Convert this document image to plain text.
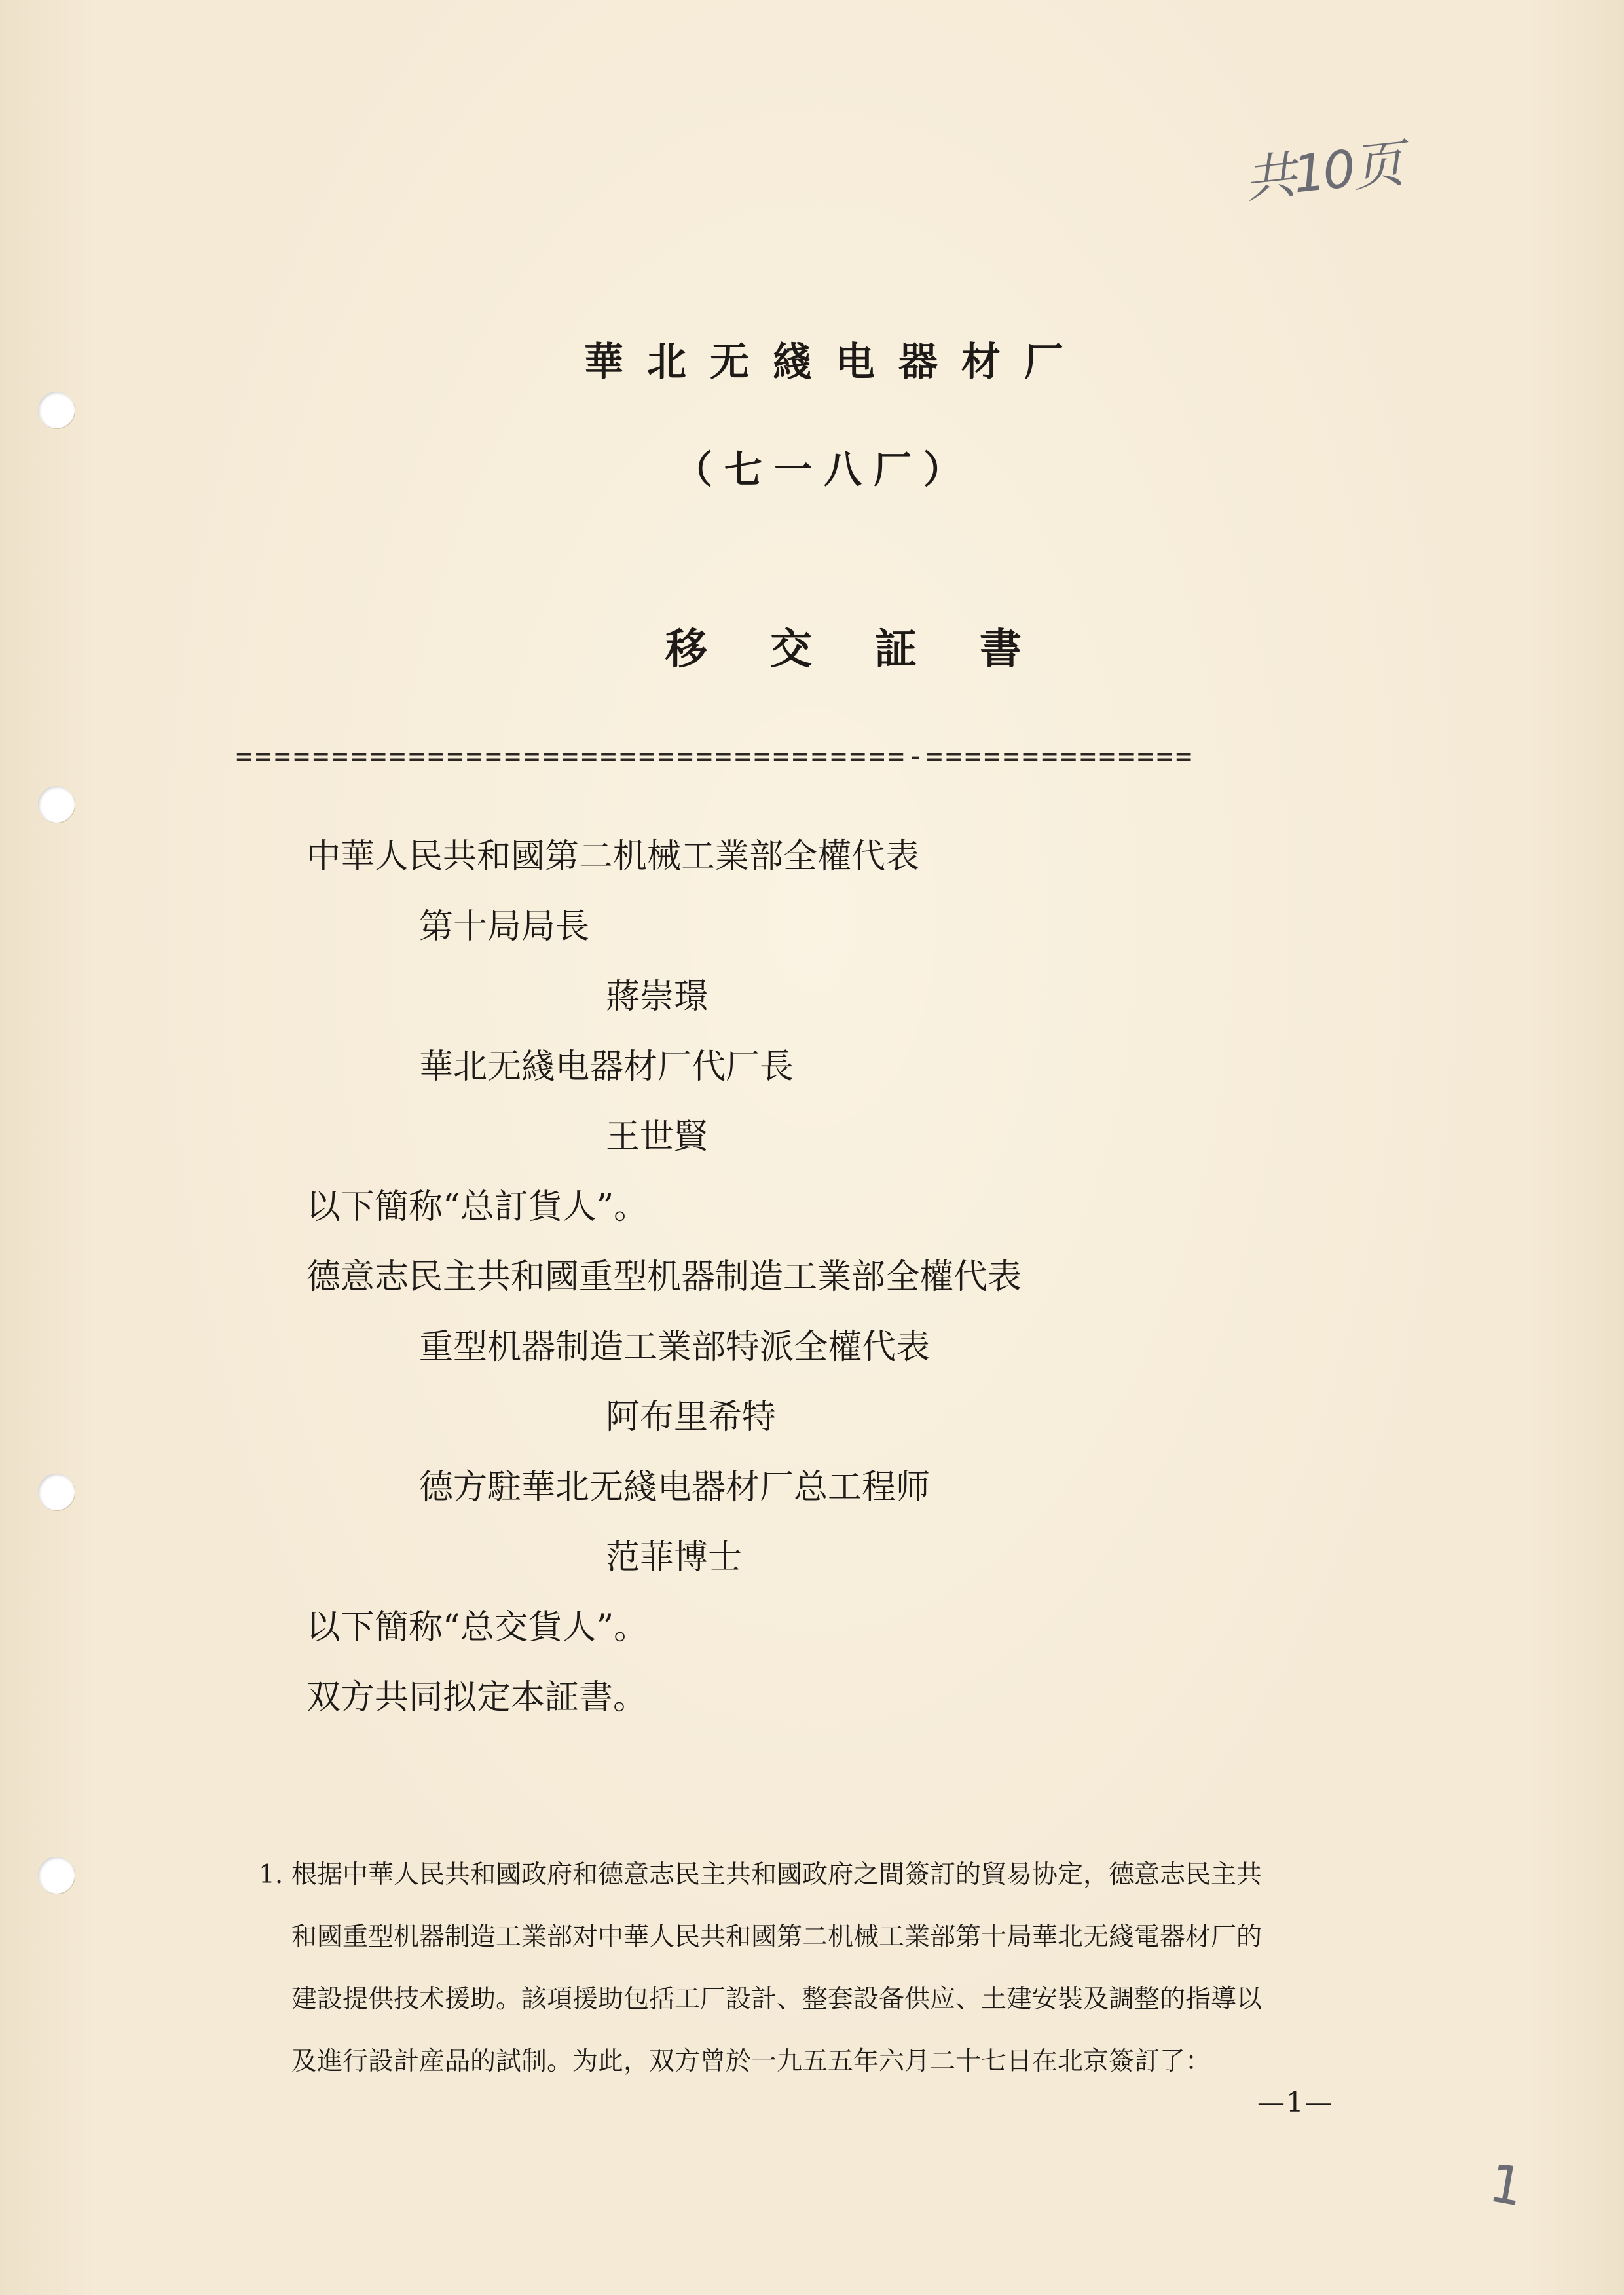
共10页
華北无綫电器材厂
（七一八厂）
移交証書
===================================-==============
中華人民共和國第二机械工業部全權代表
第十局局長
蔣崇璟
華北无綫电器材厂代厂長
王世賢
以下簡称“总訂貨人”。
德意志民主共和國重型机器制造工業部全權代表
重型机器制造工業部特派全權代表
阿布里希特
德方駐華北无綫电器材厂总工程师
范菲博士
以下簡称“总交貨人”。
双方共同拟定本証書。
1. 根据中華人民共和國政府和德意志民主共和國政府之間簽訂的貿易协定，德意志民主共
和國重型机器制造工業部对中華人民共和國第二机械工業部第十局華北无綫電器材厂的
建設提供技术援助。該項援助包括工厂設計、整套設备供应、土建安裝及調整的指導以
及進行設計産品的試制。为此，双方曾於一九五五年六月二十七日在北京簽訂了：
—1—
1
